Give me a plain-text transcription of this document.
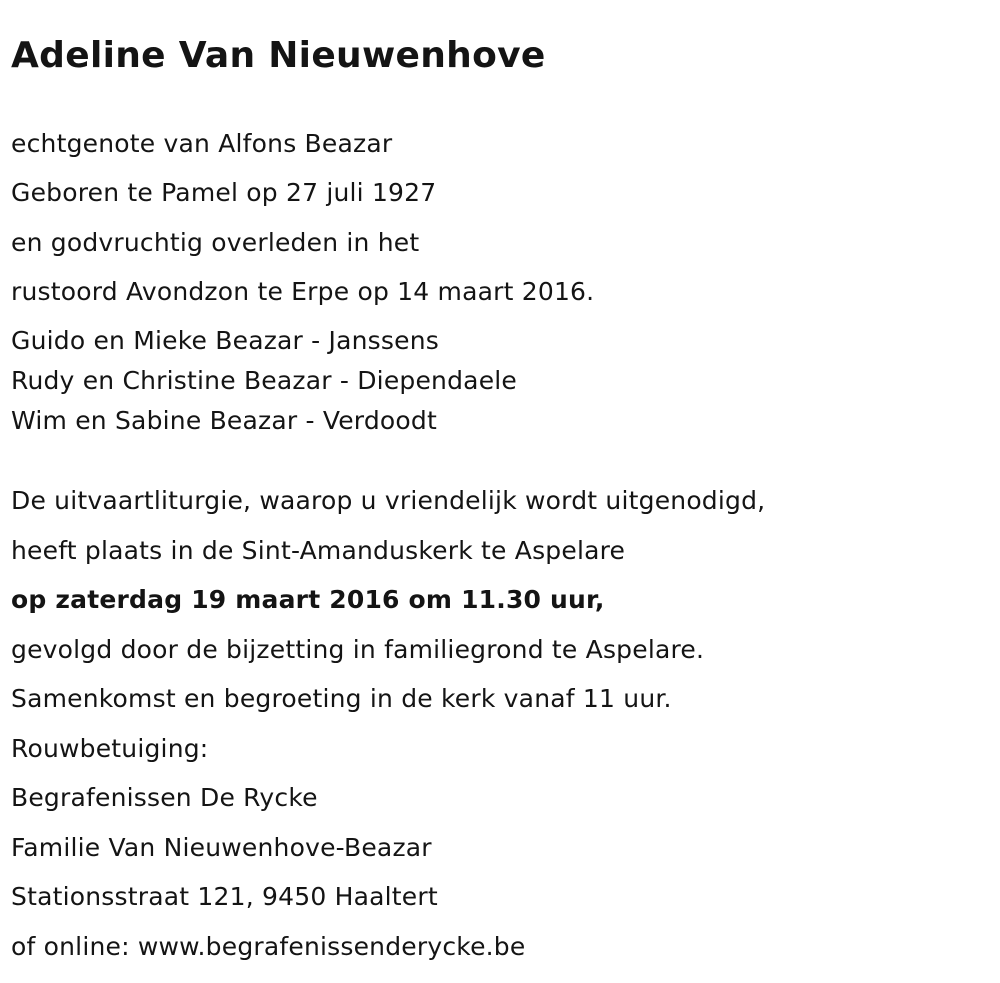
Adeline Van Nieuwenhove
echtgenote van Alfons Beazar
Geboren te Pamel op 27 juli 1927
en godvruchtig overleden in het
rustoord Avondzon te Erpe op 14 maart 2016.
Guido en Mieke Beazar - Janssens
Rudy en Christine Beazar - Diependaele
Wim en Sabine Beazar - Verdoodt
De uitvaartliturgie, waarop u vriendelijk wordt uitgenodigd,
heeft plaats in de Sint-Amanduskerk te Aspelare
op zaterdag 19 maart 2016 om 11.30 uur,
gevolgd door de bijzetting in familiegrond te Aspelare.
Samenkomst en begroeting in de kerk vanaf 11 uur.
Rouwbetuiging:
Begrafenissen De Rycke
Familie Van Nieuwenhove-Beazar
Stationsstraat 121, 9450 Haaltert
of online: www.begrafenissenderycke.be
